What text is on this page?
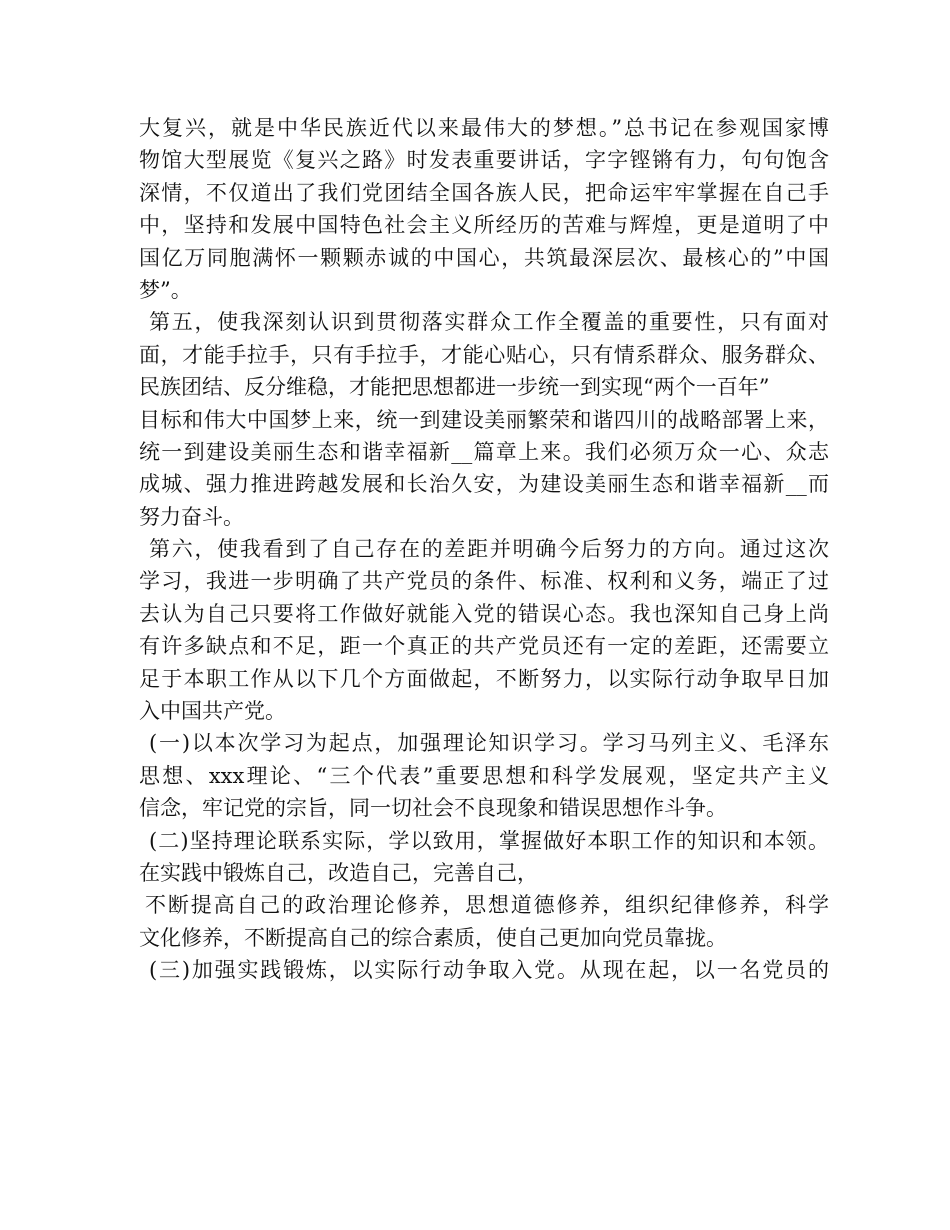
大复兴，就是中华民族近代以来最伟大的梦想。”总书记在参观国家博
物馆大型展览《复兴之路》时发表重要讲话，字字铿锵有力，句句饱含
深情，不仅道出了我们党团结全国各族人民，把命运牢牢掌握在自己手
中，坚持和发展中国特色社会主义所经历的苦难与辉煌，更是道明了中
国亿万同胞满怀一颗颗赤诚的中国心，共筑最深层次、最核心的”中国
梦”。
第五，使我深刻认识到贯彻落实群众工作全覆盖的重要性，只有面对
面，才能手拉手，只有手拉手，才能心贴心，只有情系群众、服务群众、
民族团结、反分维稳，才能把思想都进一步统一到实现“两个一百年”
目标和伟大中国梦上来，统一到建设美丽繁荣和谐四川的战略部署上来，
统一到建设美丽生态和谐幸福新__篇章上来。我们必须万众一心、众志
成城、强力推进跨越发展和长治久安，为建设美丽生态和谐幸福新__而
努力奋斗。
第六，使我看到了自己存在的差距并明确今后努力的方向。通过这次
学习，我进一步明确了共产党员的条件、标准、权利和义务，端正了过
去认为自己只要将工作做好就能入党的错误心态。我也深知自己身上尚
有许多缺点和不足，距一个真正的共产党员还有一定的差距，还需要立
足于本职工作从以下几个方面做起，不断努力，以实际行动争取早日加
入中国共产党。
(一)以本次学习为起点，加强理论知识学习。学习马列主义、毛泽东
思想、xxx理论、“三个代表”重要思想和科学发展观，坚定共产主义
信念，牢记党的宗旨，同一切社会不良现象和错误思想作斗争。
(二)坚持理论联系实际，学以致用，掌握做好本职工作的知识和本领。
在实践中锻炼自己，改造自己，完善自己，
不断提高自己的政治理论修养，思想道德修养，组织纪律修养，科学
文化修养，不断提高自己的综合素质，使自己更加向党员靠拢。
(三)加强实践锻炼，以实际行动争取入党。从现在起，以一名党员的
